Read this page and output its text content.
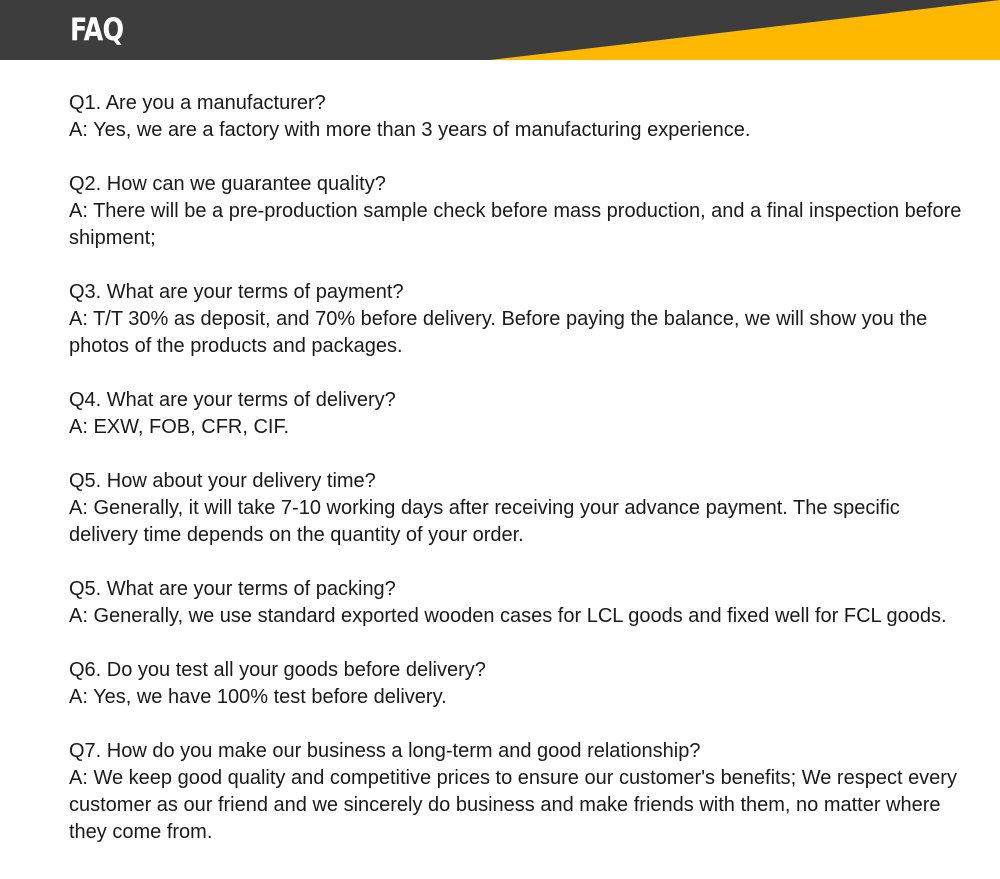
FAQ

Q1. Are you a manufacturer?

A: Yes, we are a factory with more than 3 years of manufacturing experience.

Q2. How can we guarantee quality?

A: There will be a pre-production sample check before mass production, and a final inspection before shipment;

Q3. What are your terms of payment?

A: T/T 30% as deposit, and 70% before delivery. Before paying the balance, we will show you the photos of the products and packages.

Q4. What are your terms of delivery?

A: EXW, FOB, CFR, CIF.

Q5. How about your delivery time?

A: Generally, it will take 7-10 working days after receiving your advance payment. The specific delivery time depends on the quantity of your order.

Q5. What are your terms of packing?

A: Generally, we use standard exported wooden cases for LCL goods and fixed well for FCL goods.

Q6. Do you test all your goods before delivery?

A: Yes, we have 100% test before delivery.

Q7. How do you make our business a long-term and good relationship?

A: We keep good quality and competitive prices to ensure our customer's benefits; We respect every customer as our friend and we sincerely do business and make friends with them, no matter where they come from.
